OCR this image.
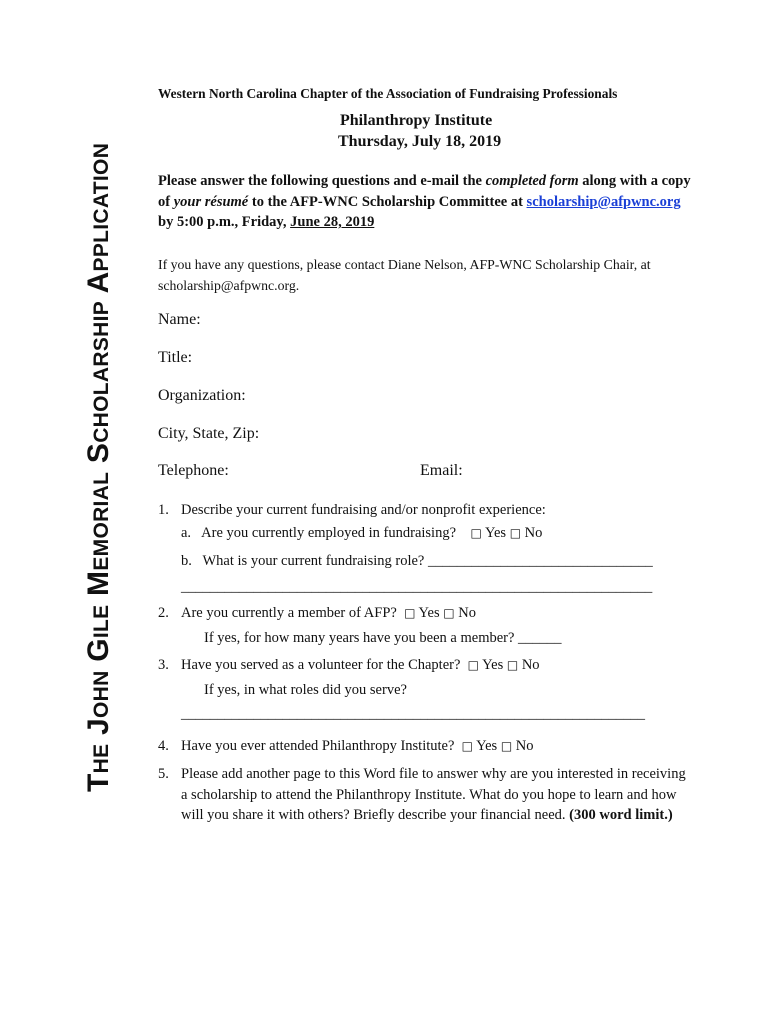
The John Gile Memorial Scholarship Application
Western North Carolina Chapter of the Association of Fundraising Professionals
Philanthropy Institute
Thursday, July 18, 2019
Please answer the following questions and e-mail the completed form along with a copy of your résumé to the AFP-WNC Scholarship Committee at scholarship@afpwnc.org by 5:00 p.m., Friday, June 28, 2019
If you have any questions, please contact Diane Nelson, AFP-WNC Scholarship Chair, at scholarship@afpwnc.org.
Name:
Title:
Organization:
City, State, Zip:
Telephone:	Email:
1. Describe your current fundraising and/or nonprofit experience:
a. Are you currently employed in fundraising? □ Yes □ No
b. What is your current fundraising role? _______________________________
_________________________________________________________________
2. Are you currently a member of AFP? □ Yes □ No
If yes, for how many years have you been a member? ______
3. Have you served as a volunteer for the Chapter? □ Yes □ No
If yes, in what roles did you serve?
________________________________________________________________
4. Have you ever attended Philanthropy Institute? □ Yes □ No
5. Please add another page to this Word file to answer why are you interested in receiving a scholarship to attend the Philanthropy Institute. What do you hope to learn and how will you share it with others? Briefly describe your financial need. (300 word limit.)
